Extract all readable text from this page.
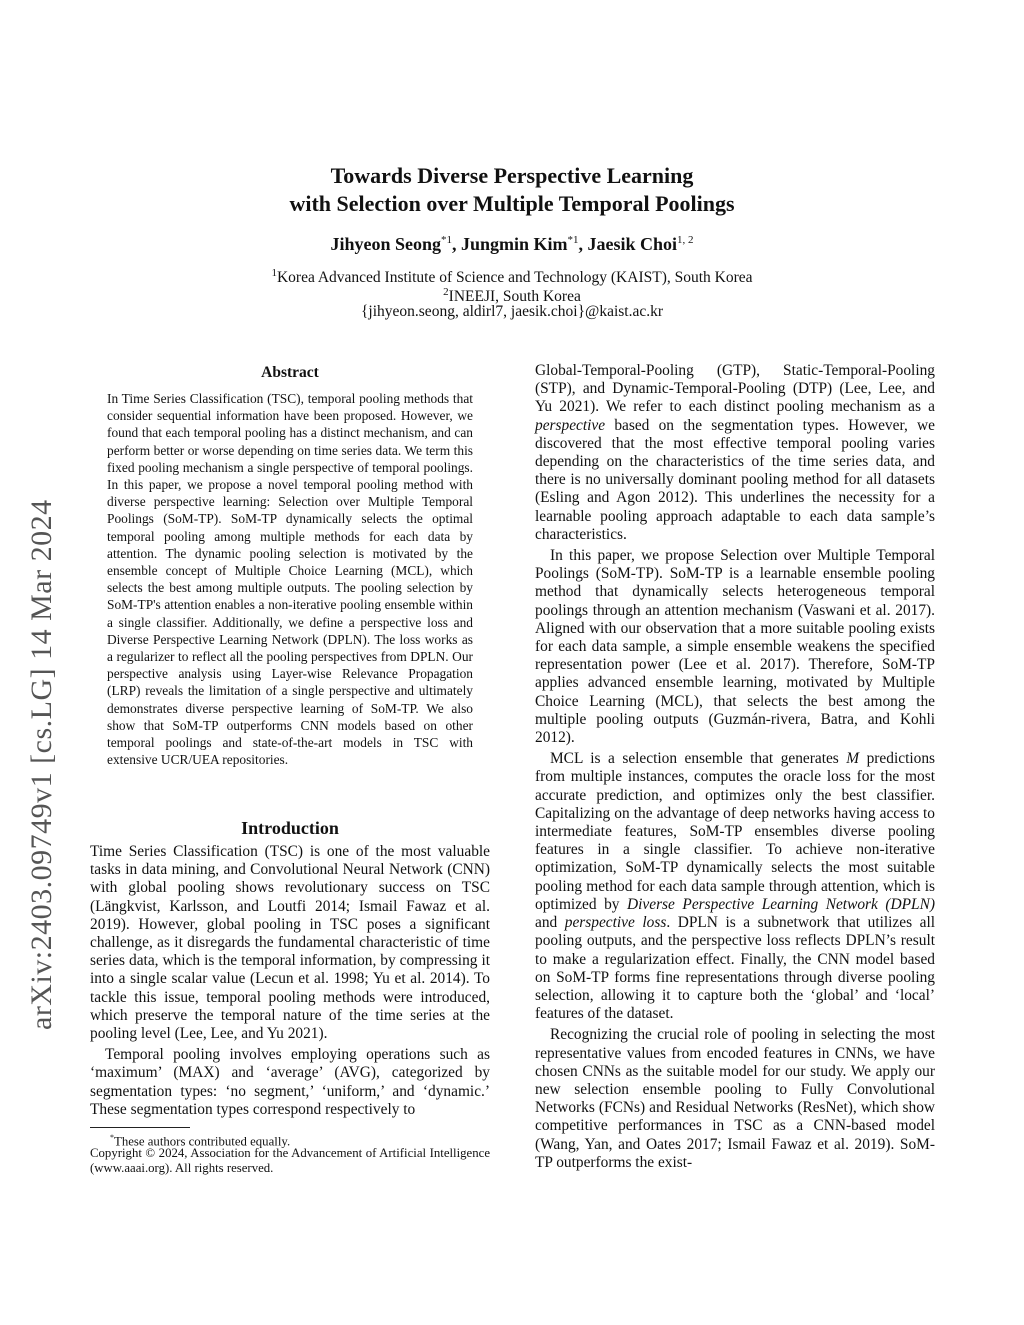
arXiv:2403.09749v1 [cs.LG] 14 Mar 2024
Towards Diverse Perspective Learning
with Selection over Multiple Temporal Poolings
Jihyeon Seong$^{*1}$, Jungmin Kim$^{*1}$, Jaesik Choi$^{1, 2}$
$^1$Korea Advanced Institute of Science and Technology (KAIST), South Korea
$^2$INEEJI, South Korea
{jihyeon.seong, aldirl7, jaesik.choi}@kaist.ac.kr
Abstract
In Time Series Classification (TSC), temporal pooling methods that consider sequential information have been proposed. However, we found that each temporal pooling has a distinct mechanism, and can perform better or worse depending on time series data. We term this fixed pooling mechanism a single perspective of temporal poolings. In this paper, we propose a novel temporal pooling method with diverse perspective learning: Selection over Multiple Temporal Poolings (SoM-TP). SoM-TP dynamically selects the optimal temporal pooling among multiple methods for each data by attention. The dynamic pooling selection is motivated by the ensemble concept of Multiple Choice Learning (MCL), which selects the best among multiple outputs. The pooling selection by SoM-TP's attention enables a non-iterative pooling ensemble within a single classifier. Additionally, we define a perspective loss and Diverse Perspective Learning Network (DPLN). The loss works as a regularizer to reflect all the pooling perspectives from DPLN. Our perspective analysis using Layer-wise Relevance Propagation (LRP) reveals the limitation of a single perspective and ultimately demonstrates diverse perspective learning of SoM-TP. We also show that SoM-TP outperforms CNN models based on other temporal poolings and state-of-the-art models in TSC with extensive UCR/UEA repositories.
Introduction

Time Series Classification (TSC) is one of the most valuable tasks in data mining, and Convolutional Neural Network (CNN) with global pooling shows revolutionary success on TSC (Längkvist, Karlsson, and Loutfi 2014; Ismail Fawaz et al. 2019). However, global pooling in TSC poses a significant challenge, as it disregards the fundamental characteristic of time series data, which is the temporal information, by compressing it into a single scalar value (Lecun et al. 1998; Yu et al. 2014). To tackle this issue, temporal pooling methods were introduced, which preserve the temporal nature of the time series at the pooling level (Lee, Lee, and Yu 2021).

Temporal pooling involves employing operations such as ‘maximum’ (MAX) and ‘average’ (AVG), categorized by segmentation types: ‘no segment,’ ‘uniform,’ and ‘dynamic.’ These segmentation types correspond respectively to

*These authors contributed equally.
Copyright © 2024, Association for the Advancement of Artificial Intelligence (www.aaai.org). All rights reserved.

Global-Temporal-Pooling (GTP), Static-Temporal-Pooling (STP), and Dynamic-Temporal-Pooling (DTP) (Lee, Lee, and Yu 2021). We refer to each distinct pooling mechanism as a perspective based on the segmentation types. However, we discovered that the most effective temporal pooling varies depending on the characteristics of the time series data, and there is no universally dominant pooling method for all datasets (Esling and Agon 2012). This underlines the necessity for a learnable pooling approach adaptable to each data sample’s characteristics.

In this paper, we propose Selection over Multiple Temporal Poolings (SoM-TP). SoM-TP is a learnable ensemble pooling method that dynamically selects heterogeneous temporal poolings through an attention mechanism (Vaswani et al. 2017). Aligned with our observation that a more suitable pooling exists for each data sample, a simple ensemble weakens the specified representation power (Lee et al. 2017). Therefore, SoM-TP applies advanced ensemble learning, motivated by Multiple Choice Learning (MCL), that selects the best among the multiple pooling outputs (Guzmán-rivera, Batra, and Kohli 2012).

MCL is a selection ensemble that generates M predictions from multiple instances, computes the oracle loss for the most accurate prediction, and optimizes only the best classifier. Capitalizing on the advantage of deep networks having access to intermediate features, SoM-TP ensembles diverse pooling features in a single classifier. To achieve non-iterative optimization, SoM-TP dynamically selects the most suitable pooling method for each data sample through attention, which is optimized by Diverse Perspective Learning Network (DPLN) and perspective loss. DPLN is a subnetwork that utilizes all pooling outputs, and the perspective loss reflects DPLN’s result to make a regularization effect. Finally, the CNN model based on SoM-TP forms fine representations through diverse pooling selection, allowing it to capture both the ‘global’ and ‘local’ features of the dataset.

Recognizing the crucial role of pooling in selecting the most representative values from encoded features in CNNs, we have chosen CNNs as the suitable model for our study. We apply our new selection ensemble pooling to Fully Convolutional Networks (FCNs) and Residual Networks (ResNet), which show competitive performances in TSC as a CNN-based model (Wang, Yan, and Oates 2017; Ismail Fawaz et al. 2019). SoM-TP outperforms the exist-
